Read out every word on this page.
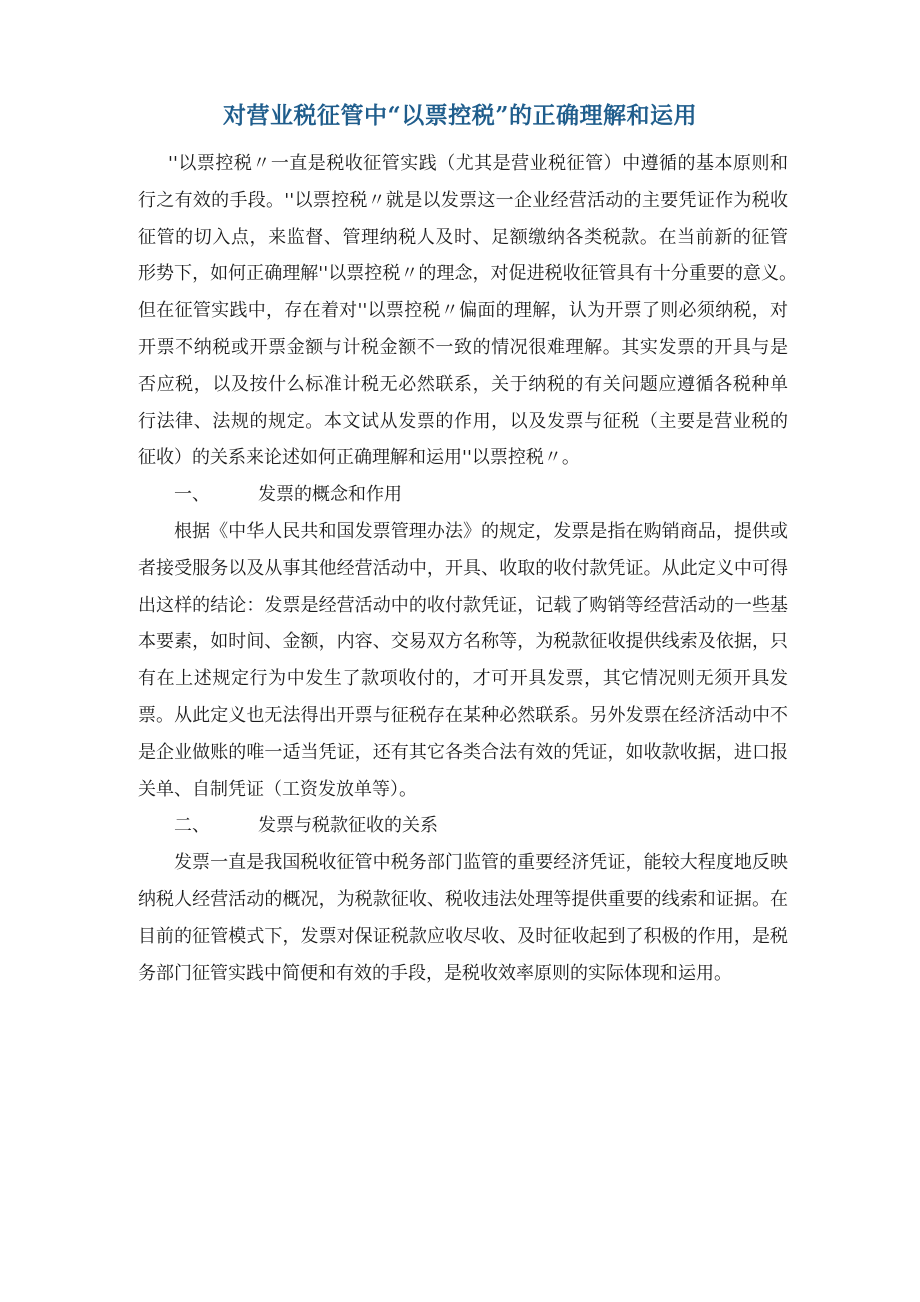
对营业税征管中“以票控税”的正确理解和运用

''以票控税〃一直是税收征管实践（尤其是营业税征管）中遵循的基本原则和 行之有效的手段。''以票控税〃就是以发票这一企业经营活动的主要凭证作为税收 征管的切入点，来监督、管理纳税人及时、足额缴纳各类税款。在当前新的征管 形势下，如何正确理解''以票控税〃的理念，对促进税收征管具有十分重要的意义。　 但在征管实践中，存在着对''以票控税〃偏面的理解，认为开票了则必须纳税，对 开票不纳税或开票金额与计税金额不一致的情况很难理解。其实发票的开具与是 否应税，以及按什么标准计税无必然联系，关于纳税的有关问题应遵循各税种单 行法律、法规的规定。本文试从发票的作用，以及发票与征税（主要是营业税的 征收）的关系来论述如何正确理解和运用''以票控税〃。

一、	发票的概念和作用

根据《中华人民共和国发票管理办法》的规定，发票是指在购销商品，提供或者接受服务以及从事其他经营活动中，开具、收取的收付款凭证。从此定义中可得出这样的结论：发票是经营活动中的收付款凭证，记载了购销等经营活动的一些基本要素，如时间、金额，内容、交易双方名称等，为税款征收提供线索及依据，只有在上述规定行为中发生了款项收付的，才可开具发票，其它情况则无须开具发票。从此定义也无法得出开票与征税存在某种必然联系。另外发票在经济活动中不是企业做账的唯一适当凭证，还有其它各类合法有效的凭证，如收款收据，进口报关单、自制凭证（工资发放单等）。

二、	发票与税款征收的关系

发票一直是我国税收征管中税务部门监管的重要经济凭证，能较大程度地反映纳税人经营活动的概况，为税款征收、税收违法处理等提供重要的线索和证据。在目前的征管模式下，发票对保证税款应收尽收、及时征收起到了积极的作用，是税务部门征管实践中简便和有效的手段，是税收效率原则的实际体现和运用。
